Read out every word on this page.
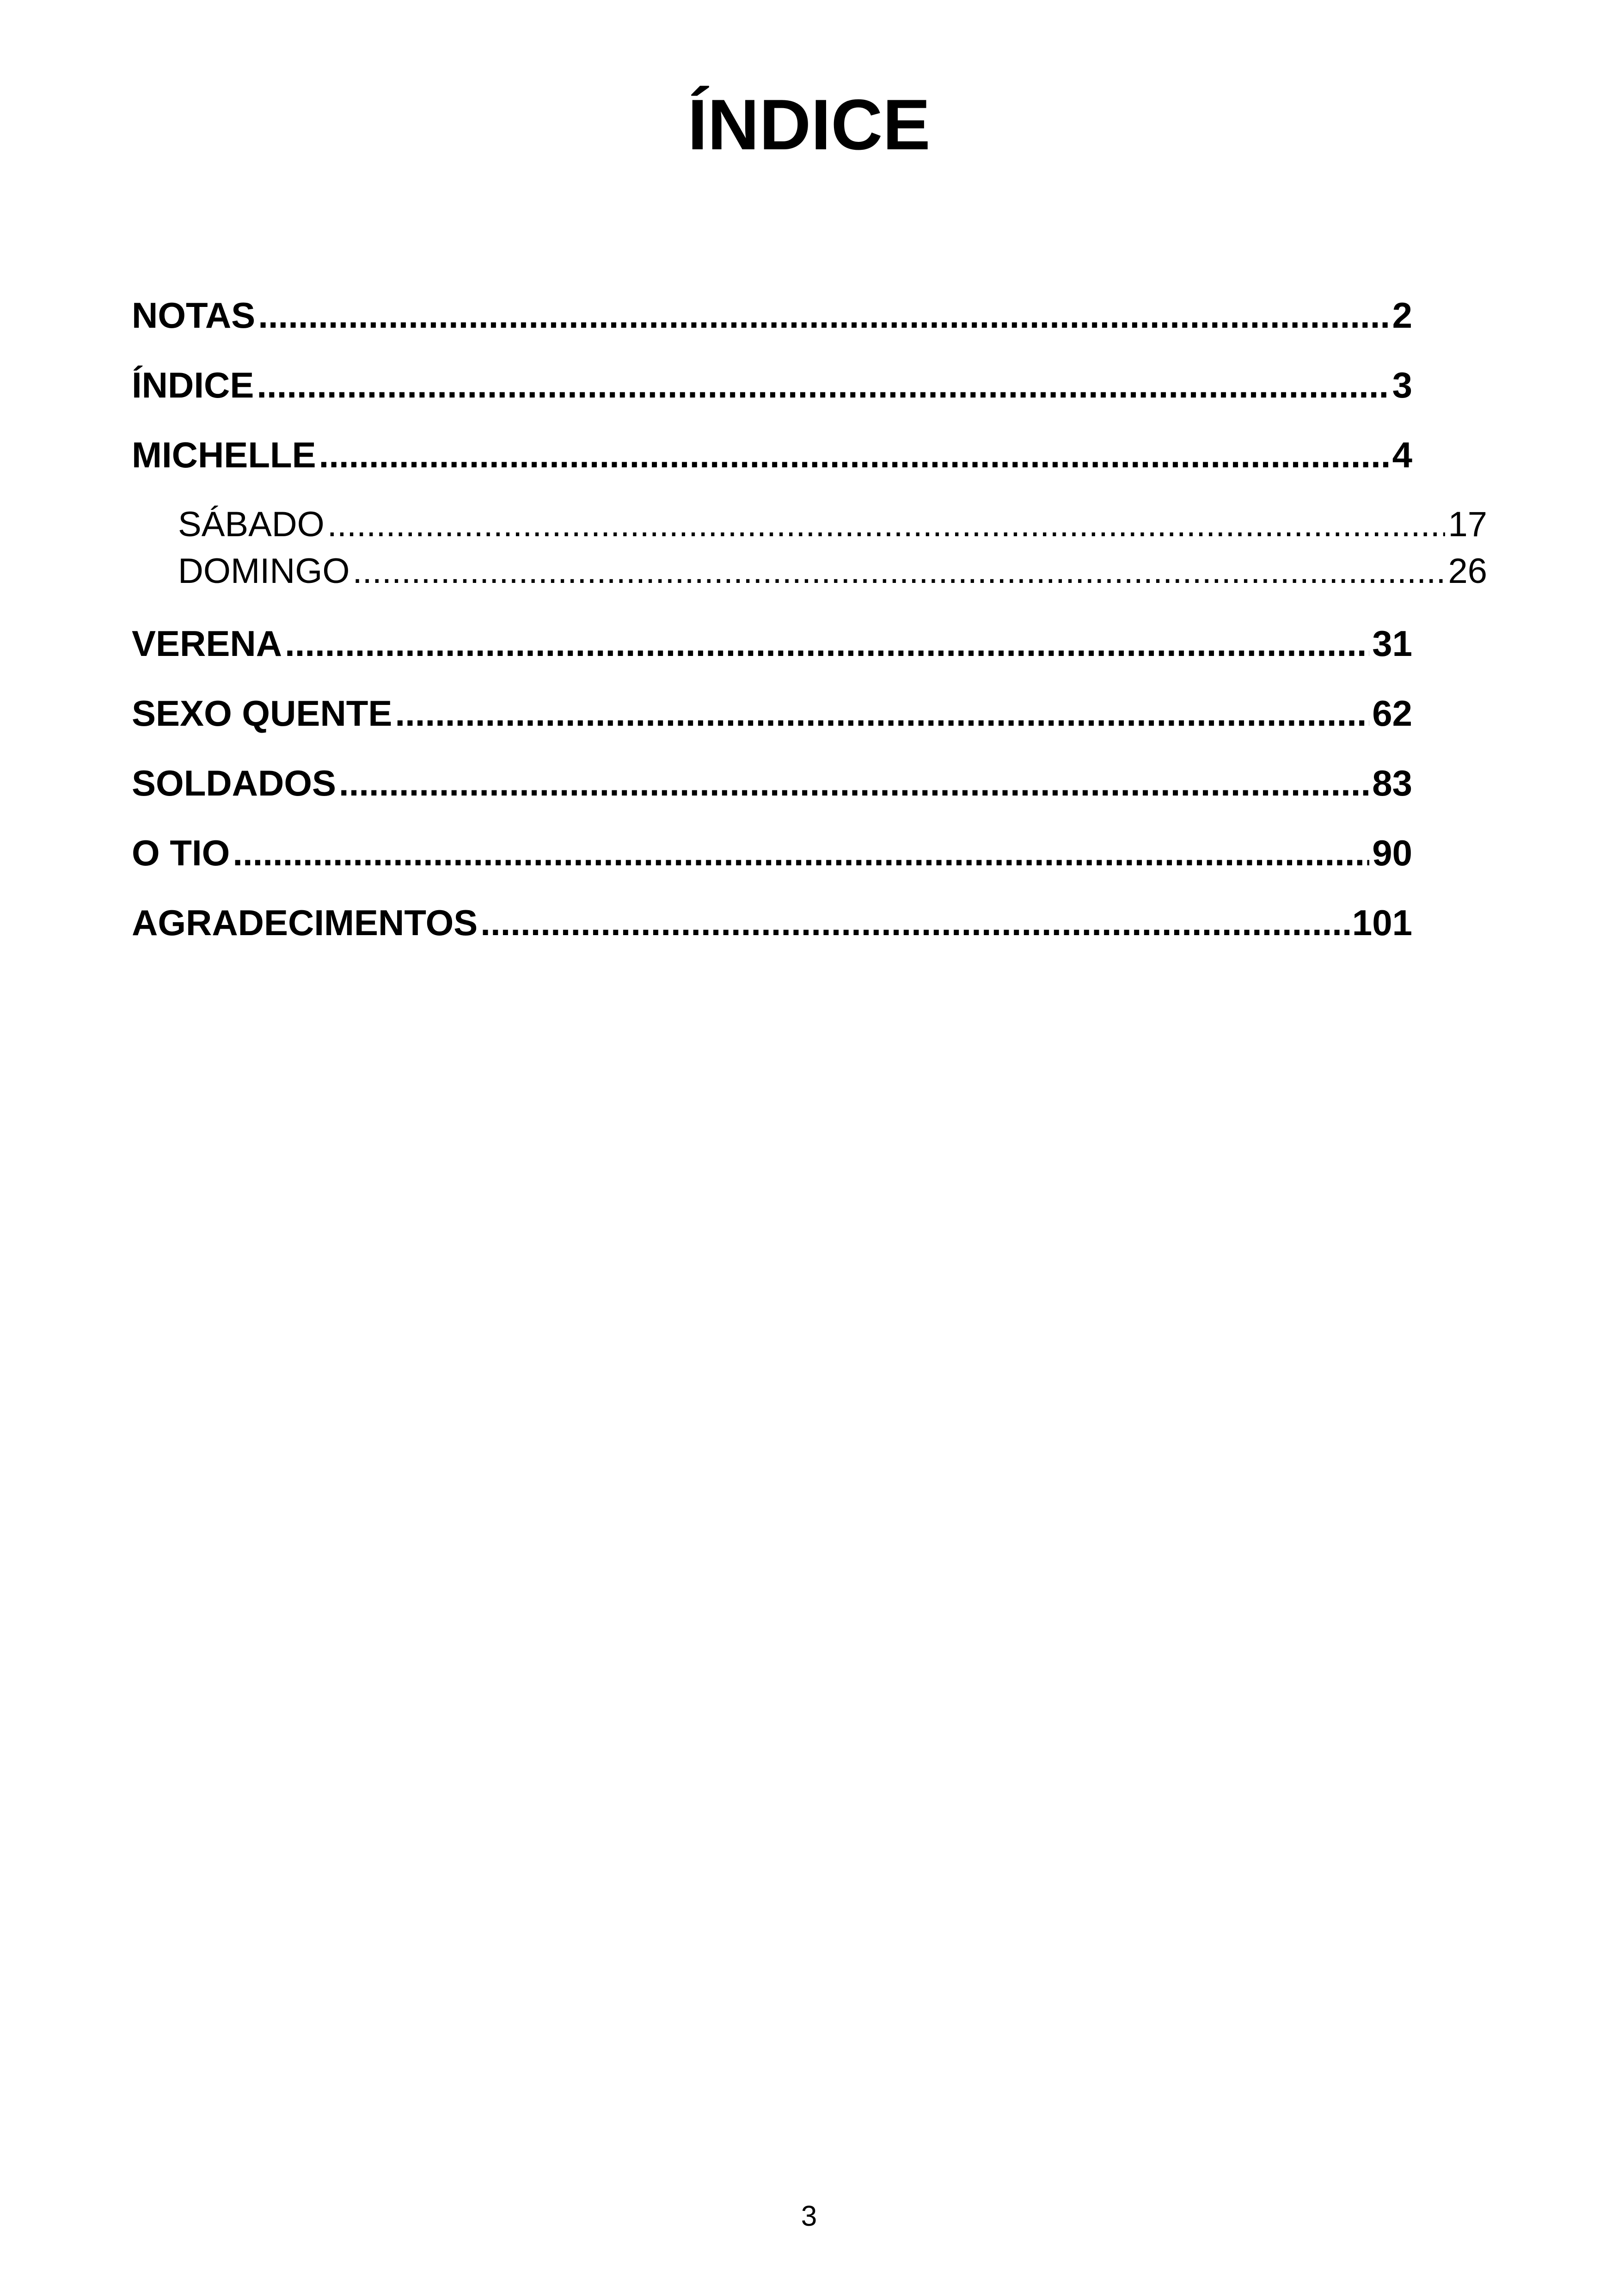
ÍNDICE
NOTAS .....	2
ÍNDICE .....	3
MICHELLE .....	4
SÁBADO .....	17
DOMINGO .....	26
VERENA .....	31
SEXO QUENTE .....	62
SOLDADOS .....	83
O TIO .....	90
AGRADECIMENTOS .....	101
3
